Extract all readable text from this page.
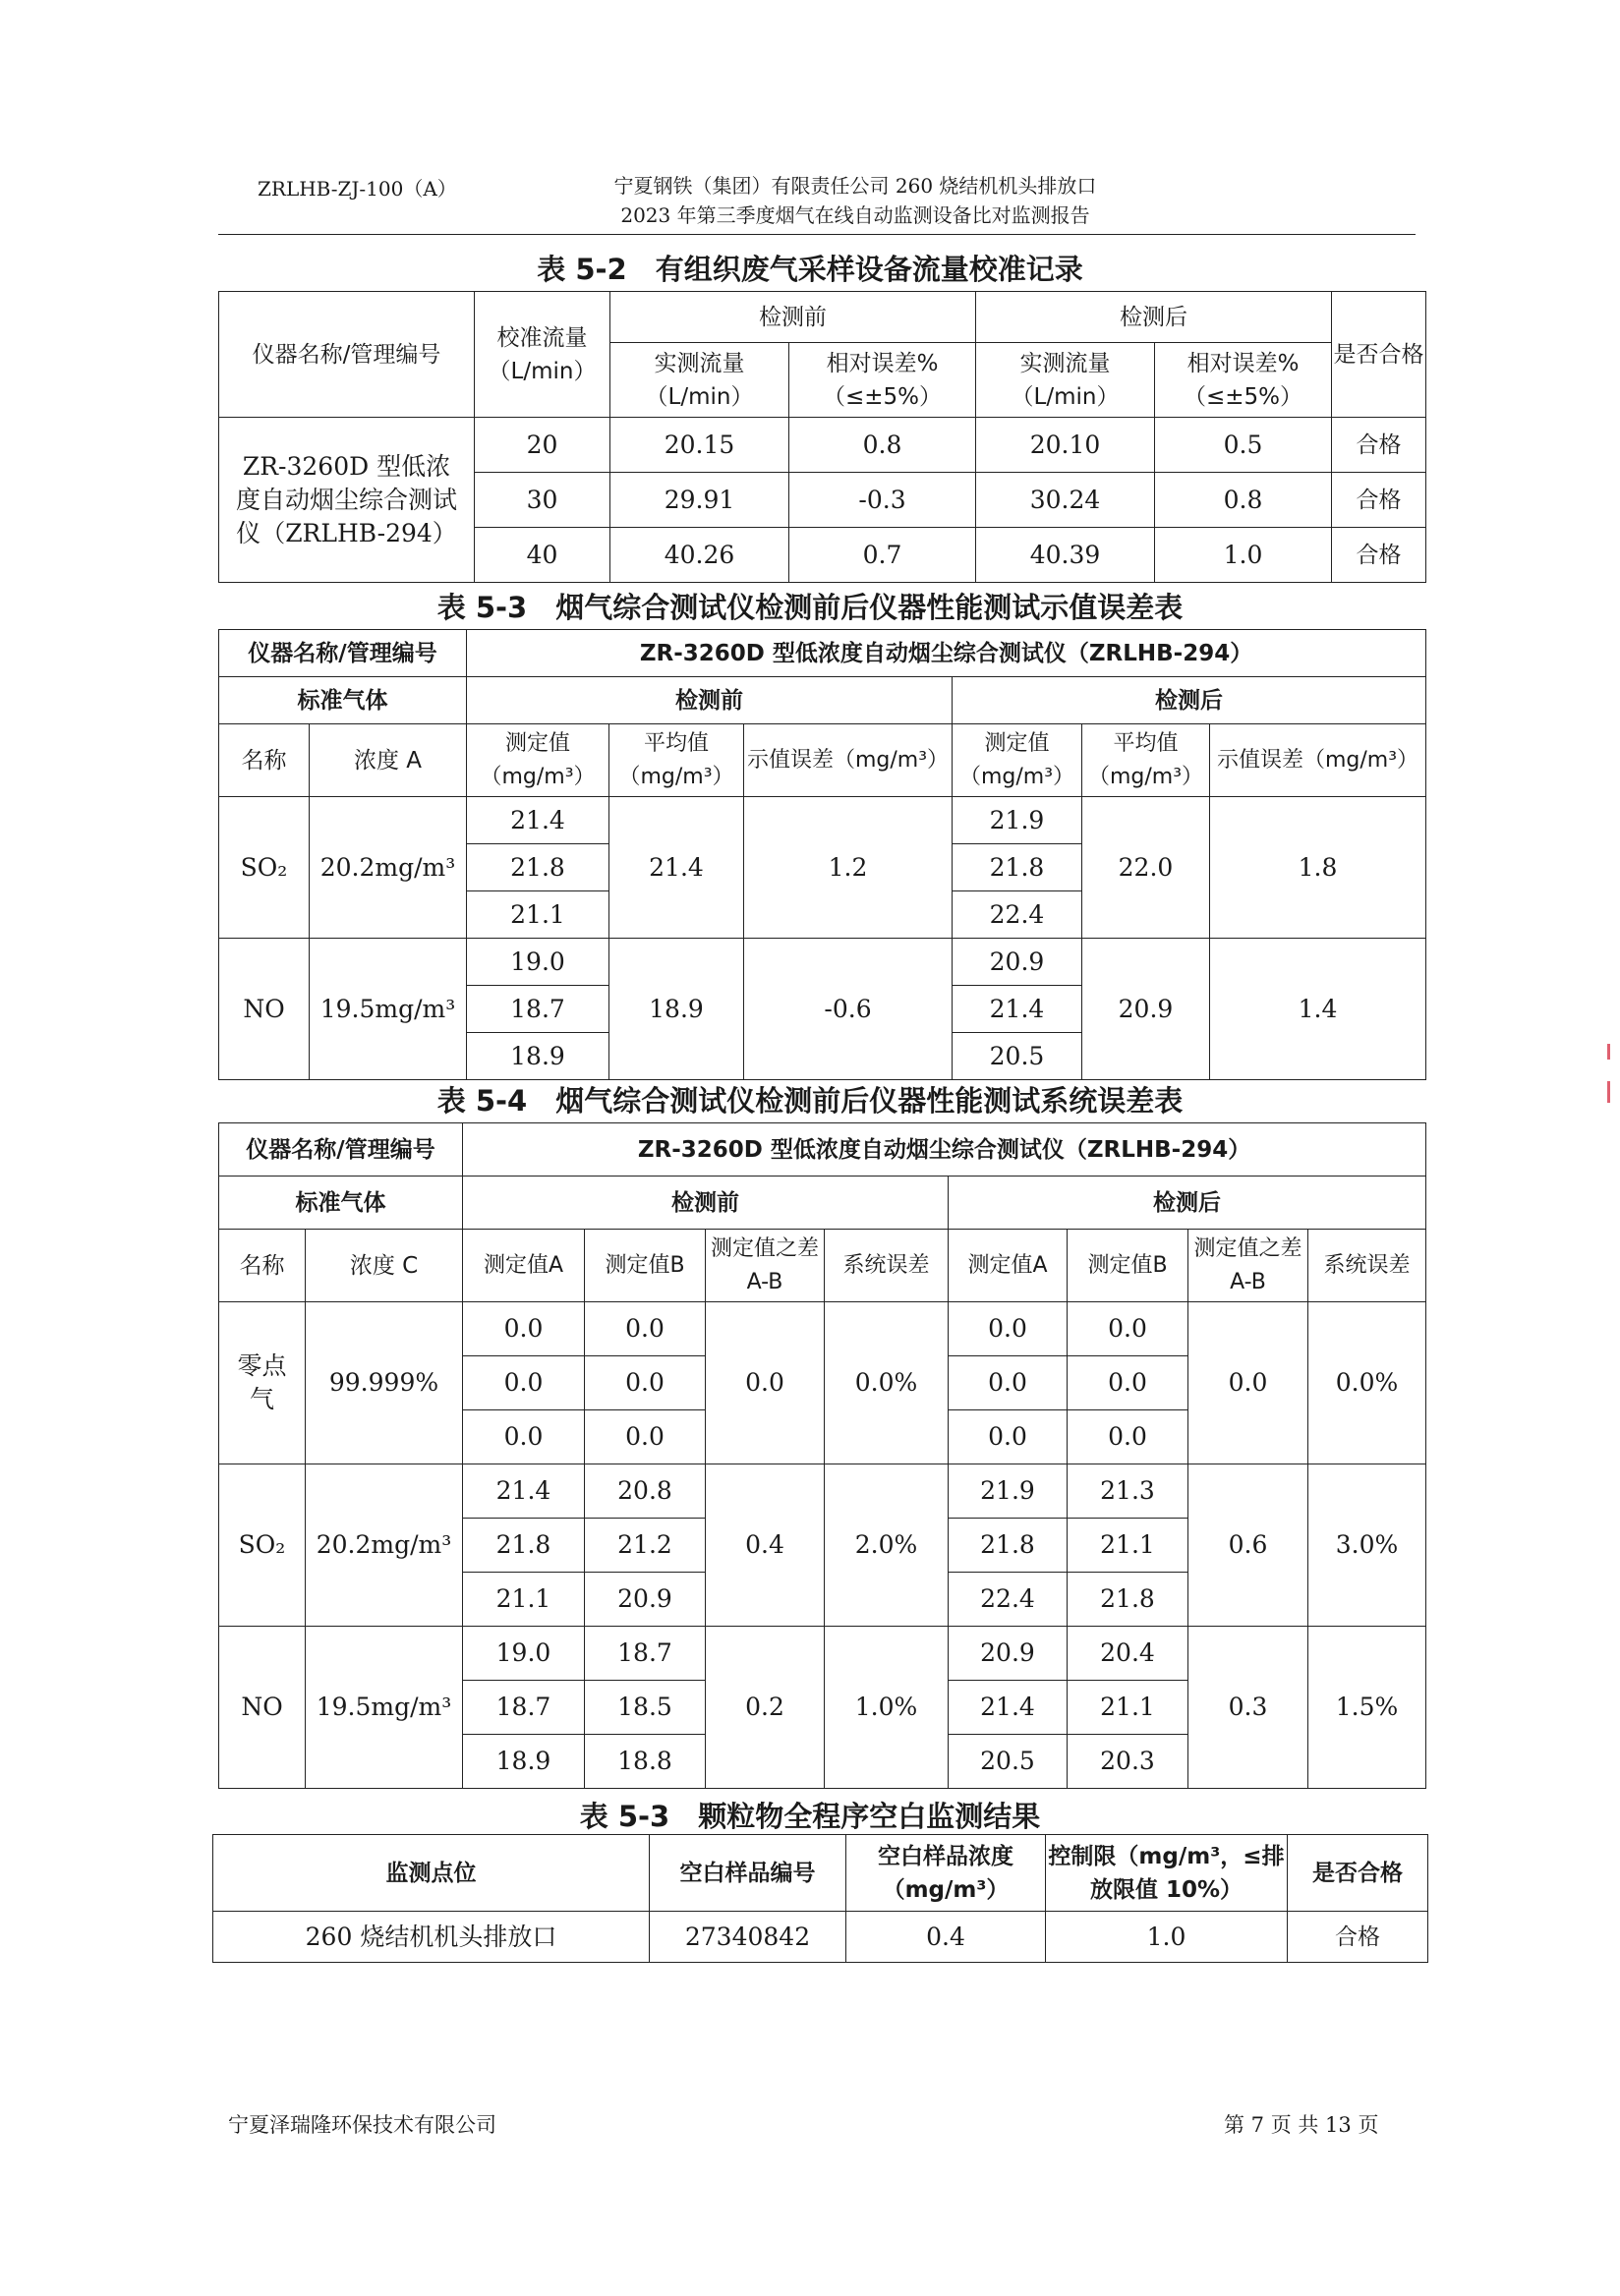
ZRLHB-ZJ-100（A）	宁夏钢铁（集团）有限责任公司 260 烧结机机头排放口
2023 年第三季度烟气在线自动监测设备比对监测报告
表 5-2　有组织废气采样设备流量校准记录
仪器名称/管理编号	校准流量（L/min）	检测前		检测后		是否合格
		实测流量（L/min）	相对误差%（≤±5%）	实测流量（L/min）	相对误差%（≤±5%）	
ZR-3260D 型低浓度自动烟尘综合测试仪（ZRLHB-294）	20	20.15	0.8	20.10	0.5	合格
	30	29.91	-0.3	30.24	0.8	合格
	40	40.26	0.7	40.39	1.0	合格
表 5-3　烟气综合测试仪检测前后仪器性能测试示值误差表
仪器名称/管理编号		ZR-3260D 型低浓度自动烟尘综合测试仪（ZRLHB-294）					
标准气体		检测前			检测后		
名称	浓度 A	测定值（mg/m³）	平均值（mg/m³）	示值误差（mg/m³）	测定值（mg/m³）	平均值（mg/m³）	示值误差（mg/m³）
SO₂	20.2mg/m³	21.4	21.4	1.2	21.9	22.0	1.8
		21.8			21.8		
		21.1			22.4		
NO	19.5mg/m³	19.0	18.9	-0.6	20.9	20.9	1.4
		18.7			21.4		
		18.9			20.5		
表 5-4　烟气综合测试仪检测前后仪器性能测试系统误差表
仪器名称/管理编号		ZR-3260D 型低浓度自动烟尘综合测试仪（ZRLHB-294）							
标准气体		检测前				检测后			
名称	浓度 C	测定值A	测定值B	测定值之差A-B	系统误差	测定值A	测定值B	测定值之差A-B	系统误差
零点气	99.999%	0.0	0.0	0.0	0.0%	0.0	0.0	0.0	0.0%
		0.0	0.0			0.0	0.0		
		0.0	0.0			0.0	0.0		
SO₂	20.2mg/m³	21.4	20.8	0.4	2.0%	21.9	21.3	0.6	3.0%
		21.8	21.2			21.8	21.1		
		21.1	20.9			22.4	21.8		
NO	19.5mg/m³	19.0	18.7	0.2	1.0%	20.9	20.4	0.3	1.5%
		18.7	18.5			21.4	21.1		
		18.9	18.8			20.5	20.3		
表 5-3　颗粒物全程序空白监测结果
监测点位	空白样品编号	空白样品浓度（mg/m³）	控制限（mg/m³，≤排放限值 10%）	是否合格
260 烧结机机头排放口	27340842	0.4	1.0	合格
宁夏泽瑞隆环保技术有限公司	第 7 页 共 13 页
